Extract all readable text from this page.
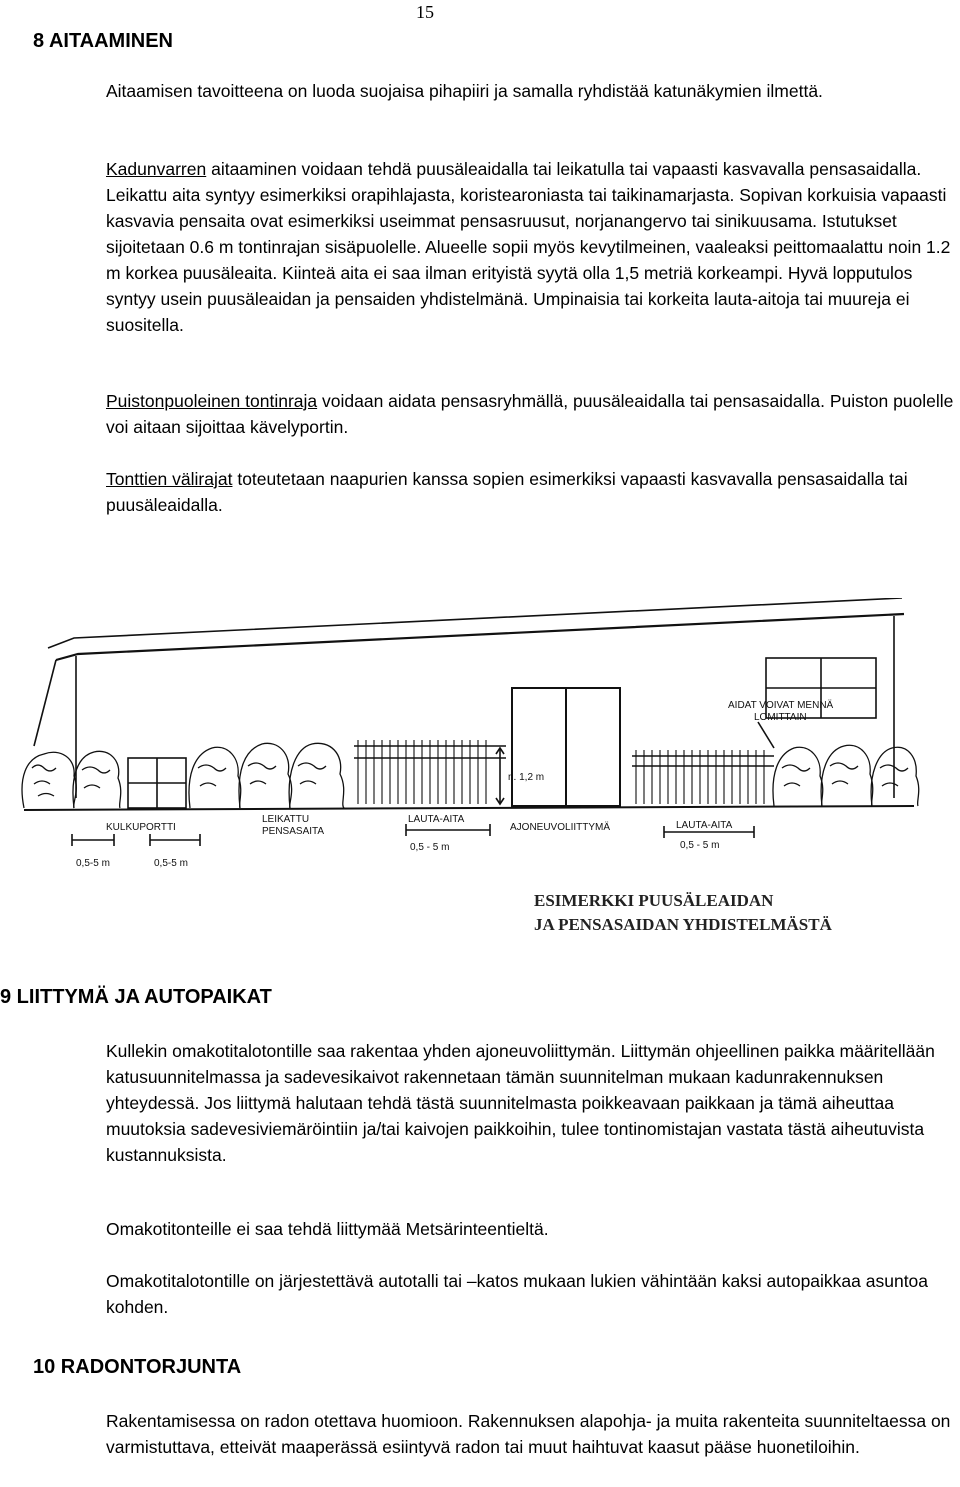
15
8 AITAAMINEN

Aitaamisen tavoitteena on luoda suojaisa pihapiiri ja samalla ryhdistää katunäkymien ilmettä.

Kadunvarren aitaaminen voidaan tehdä puusäleaidalla tai leikatulla tai vapaasti kasvavalla pensasaidalla. Leikattu aita syntyy esimerkiksi orapihlajasta, koristearoniasta tai taikinamarjasta. Sopivan korkuisia vapaasti kasvavia pensaita ovat esimerkiksi useimmat pensasruusut, norjanangervo tai sinikuusama. Istutukset sijoitetaan 0.6 m tontinrajan sisäpuolelle. Alueelle sopii myös kevytilmeinen, vaaleaksi peittomaalattu noin 1.2 m korkea puusäleaita. Kiinteä aita ei saa ilman erityistä syytä olla 1,5 metriä korkeampi. Hyvä lopputulos syntyy usein puusäleaidan ja pensaiden yhdistelmänä. Umpinaisia tai korkeita lauta-aitoja tai muureja ei suositella.

Puistonpuoleinen tontinraja voidaan aidata pensasryhmällä, puusäleaidalla tai pensasaidalla. Puiston puolelle voi aitaan sijoittaa kävelyportin.

Tonttien välirajat toteutetaan naapurien kanssa sopien esimerkiksi vapaasti kasvavalla pensasaidalla tai puusäleaidalla.

KULKUPORTTI
LEIKATTU
PENSASAITA
LAUTA-AITA
AJONEUVOLIITTYMÄ	LAUTA-AITA
AIDAT VOIVAT MENNÄ
LOMITTAIN
n. 1,2 m
0,5-5 m	0,5-5 m
0,5 - 5 m	0,5 - 5 m
ESIMERKKI PUUSÄLEAIDAN
JA PENSASAIDAN YHDISTELMÄSTÄ
9 LIITTYMÄ JA AUTOPAIKAT

Kullekin omakotitalotontille saa rakentaa yhden ajoneuvoliittymän. Liittymän ohjeellinen paikka määritellään katusuunnitelmassa ja sadevesikaivot rakennetaan tämän suunnitelman mukaan kadunrakennuksen yhteydessä. Jos liittymä halutaan tehdä tästä suunnitelmasta poikkeavaan paikkaan ja tämä aiheuttaa muutoksia sadevesiviemäröintiin ja/tai kaivojen paikkoihin, tulee tontinomistajan vastata tästä aiheutuvista kustannuksista.

Omakotitonteille ei saa tehdä liittymää Metsärinteentieltä.

Omakotitalotontille on järjestettävä autotalli tai –katos mukaan lukien vähintään kaksi autopaikkaa asuntoa kohden.

10 RADONTORJUNTA

Rakentamisessa on radon otettava huomioon. Rakennuksen alapohja- ja muita rakenteita suunniteltaessa on varmistuttava, etteivät maaperässä esiintyvä radon tai muut haihtuvat kaasut pääse huonetiloihin.
